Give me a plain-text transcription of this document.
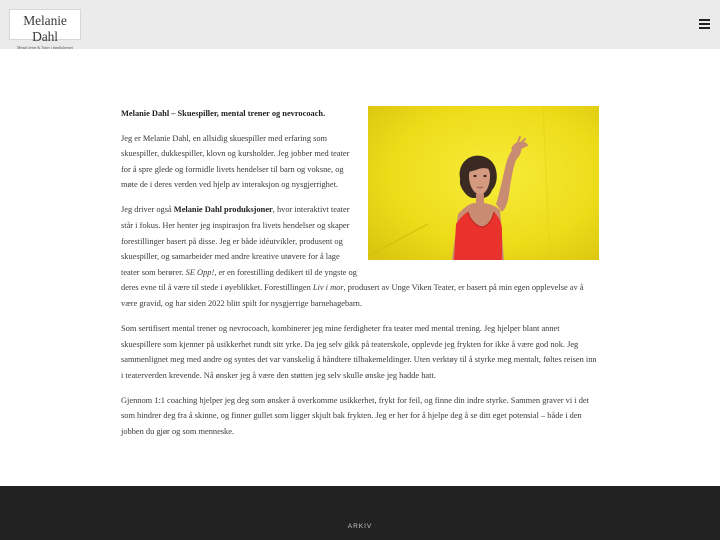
Melanie Dahl
Mental trener & Teater i mindfulnesset

Melanie Dahl – Skuespiller, mental trener og nevrocoach.

Jeg er Melanie Dahl, en allsidig skuespiller med erfaring som skuespiller, dukkespiller, klovn og kursholder. Jeg jobber med teater for å spre glede og formidle livets hendelser til barn og voksne, og møte de i deres verden ved hjelp av interaksjon og nysgjerrighet.

Jeg driver også Melanie Dahl produksjoner, hvor interaktivt teater står i fokus. Her henter jeg inspirasjon fra livets hendelser og skaper forestillinger basert på disse. Jeg er både idéutvikler, produsent og skuespiller, og samarbeider med andre kreative utøvere for å lage teater som berører. SE Opp!, er en forestilling dedikert til de yngste og deres evne til å være til stede i øyeblikket. Forestillingen Liv i mor, produsert av Unge Viken Teater, er basert på min egen opplevelse av å være gravid, og har siden 2022 blitt spilt for nysgjerrige barnehagebarn.

Som sertifisert mental trener og nevrocoach, kombinerer jeg mine ferdigheter fra teater med mental trening. Jeg hjelper blant annet skuespillere som kjenner på usikkerhet rundt sitt yrke. Da jeg selv gikk på teaterskole, opplevde jeg frykten for ikke å være god nok. Jeg sammenlignet meg med andre og syntes det var vanskelig å håndtere tilbakemeldinger. Uten verktøy til å styrke meg mentalt, føltes reisen inn i teaterverden krevende. Nå ønsker jeg å være den støtten jeg selv skulle ønske jeg hadde hatt.

Gjennom 1:1 coaching hjelper jeg deg som ønsker å overkomme usikkerhet, frykt for feil, og finne din indre styrke. Sammen graver vi i det som hindrer deg fra å skinne, og finner gullet som ligger skjult bak frykten. Jeg er her for å hjelpe deg å se ditt eget potensial – både i den jobben du gjør og som menneske.

ARKIV
